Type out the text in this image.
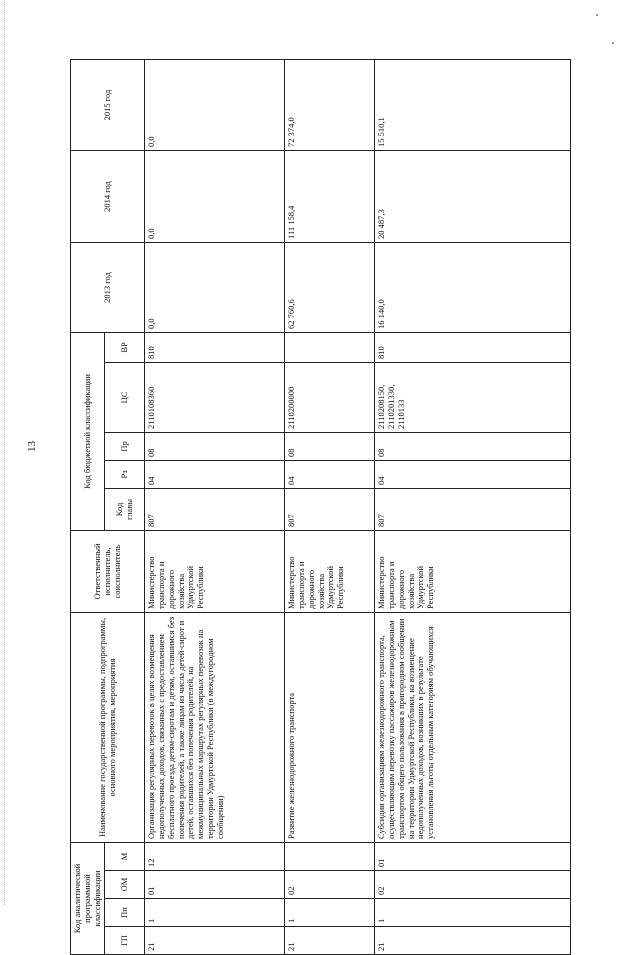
13
Код аналитической программной классификации				Наименование государственной программы, подпрограммы, основного мероприятия, мероприятия	Ответственный исполнитель, соисполнитель	Код бюджетной классификации					2013 год	2014 год	2015 год
ГП	Пп	ОМ	М			Код главы	Рз	Пр	ЦС	ВР			
21	1	01	12	Организация регулярных перевозок в целях возмещения недополученных доходов, связанных с предоставлением бесплатного проезда детям-сиротам и детям, оставшимся без попечения родителей, а также лицам из числа детей-сирот и детей, оставшихся без попечения родителей, на межмуниципальных маршрутах регулярных перевозок на территории Удмуртской Республики (в междугородном сообщении)	Министерство транспорта и дорожного хозяйства Удмуртской Республики	807	04	08	2110108360	810	0,0	0,0	0,0
21	1	02		Развитие железнодорожного транспорта	Министерство транспорта и дорожного хозяйства Удмуртской Республики	807	04	08	2110200000		62 760,6	111 158,4	72 374,0
21	1	02	01	Субсидии организациям железнодорожного транспорта, осуществляющим перевозку пассажиров железнодорожным транспортом общего пользования в пригородном сообщении на территории Удмуртской Республики, на возмещение недополученных доходов, возникших в результате установления льготы отдельным категориям обучающихся	Министерство транспорта и дорожного хозяйства Удмуртской Республики	807	04	08	2110208150, 2110201330, 2110133	810	16 140,0	20 487,3	15 510,1
